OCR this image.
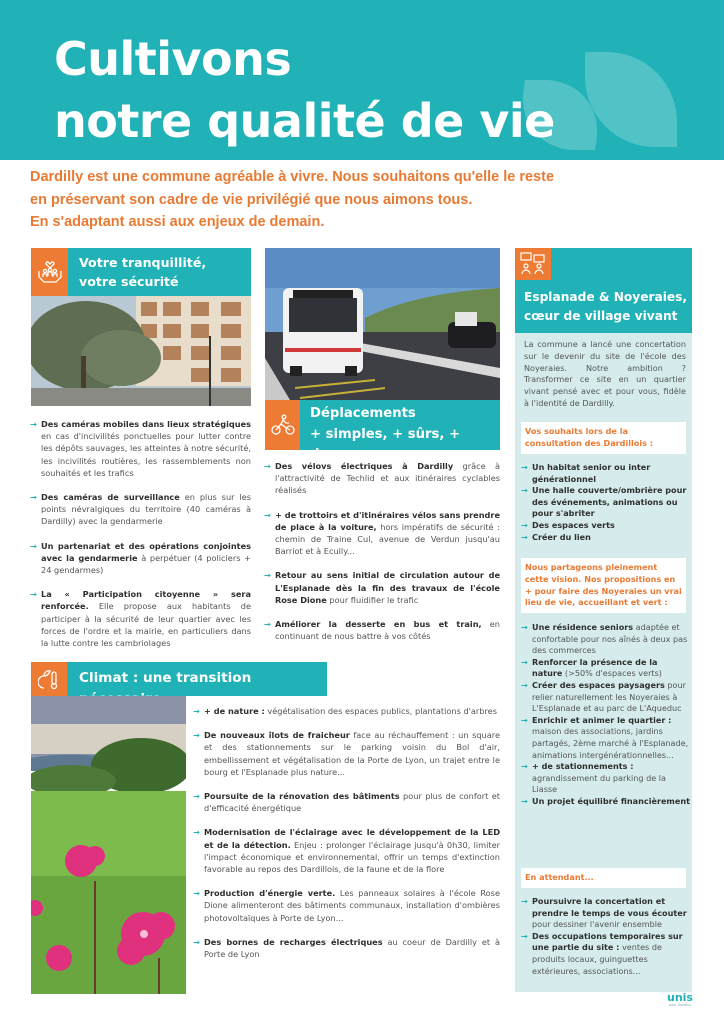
Cultivons
notre qualité de vie
Dardilly est une commune agréable à vivre. Nous souhaitons qu'elle le reste
en préservant son cadre de vie privilégié que nous aimons tous.
En s'adaptant aussi aux enjeux de demain.
Votre tranquillité,
votre sécurité
→ Des caméras mobiles dans lieux stratégiques en cas d'incivilités ponctuelles pour lutter contre les dépôts sauvages, les atteintes à notre sécurité, les incivilités routières, les rassemblements non souhaités et les trafics
→ Des caméras de surveillance en plus sur les points névralgiques du territoire (40 caméras à Dardilly) avec la gendarmerie
→ Un partenariat et des opérations conjointes avec la gendarmerie à perpétuer (4 policiers + 24 gendarmes)
→ La « Participation citoyenne » sera renforcée. Elle propose aux habitants de participer à la sécurité de leur quartier avec les forces de l'ordre et la mairie, en particuliers dans la lutte contre les cambriolages
Déplacements
+ simples, + sûrs, + doux
→ Des vélovs électriques à Dardilly grâce à l'attractivité de Techlid et aux itinéraires cyclables réalisés
→ + de trottoirs et d'itinéraires vélos sans prendre de place à la voiture, hors impératifs de sécurité : chemin de Traine Cul, avenue de Verdun jusqu'au Barriot et à Ecully...
→ Retour au sens initial de circulation autour de L'Esplanade dès la fin des travaux de l'école Rose Dione pour fluidifier le trafic
→ Améliorer la desserte en bus et train, en continuant de nous battre à vos côtés
Climat : une transition
→ + de nature : végétalisation des espaces publics, plantations d'arbres
→ De nouveaux îlots de fraicheur face au réchauffement : un square et des stationnements sur le parking voisin du Bol d'air, embellissement et végétalisation de la Porte de Lyon, un trajet entre le bourg et l'Esplanade plus nature...
→ Poursuite de la rénovation des bâtiments pour plus de confort et d'efficacité énergétique
→ Modernisation de l'éclairage avec le développement de la LED et de la détection. Enjeu : prolonger l'éclairage jusqu'à 0h30, limiter l'impact économique et environnemental, offrir un temps d'extinction favorable au repos des Dardillois, de la faune et de la flore
→ Production d'énergie verte. Les panneaux solaires à l'école Rose Dione alimenteront des bâtiments communaux, installation d'ombières photovoltaïques à Porte de Lyon...
→ Des bornes de recharges électriques au coeur de Dardilly et à Porte de Lyon
Esplanade & Noyeraies,
cœur de village vivant
La commune a lancé une concertation sur le devenir du site de l'école des Noyeraies. Notre ambition ? Transformer ce site en un quartier vivant pensé avec et pour vous, fidèle à l'identité de Dardilly.
Vos souhaits lors de la consultation des Dardillois :
→ Un habitat senior ou inter générationnel
→ Une halle couverte/ombrière pour des événements, animations ou pour s'abriter
→ Des espaces verts
→ Créer du lien
Nous partageons pleinement cette vision. Nos propositions en + pour faire des Noyeraies un vrai lieu de vie, accueillant et vert :
→ Une résidence seniors adaptée et confortable pour nos aînés à deux pas des commerces
→ Renforcer la présence de la nature (>50% d'espaces verts)
→ Créer des espaces paysagers pour relier naturellement les Noyeraies à L'Esplanade et au parc de L'Aqueduc
→ Enrichir et animer le quartier : maison des associations, jardins partagés, 2ème marché à l'Esplanade, animations intergénérationnelles...
→ + de stationnements : agrandissement du parking de la Liasse
→ Un projet équilibré financièrement
En attendant...
→ Poursuivre la concertation et prendre le temps de vous écouter pour dessiner l'avenir ensemble
→ Des occupations temporaires sur une partie du site : ventes de produits locaux, guinguettes extérieures, associations...
unis
pour Dardilly
